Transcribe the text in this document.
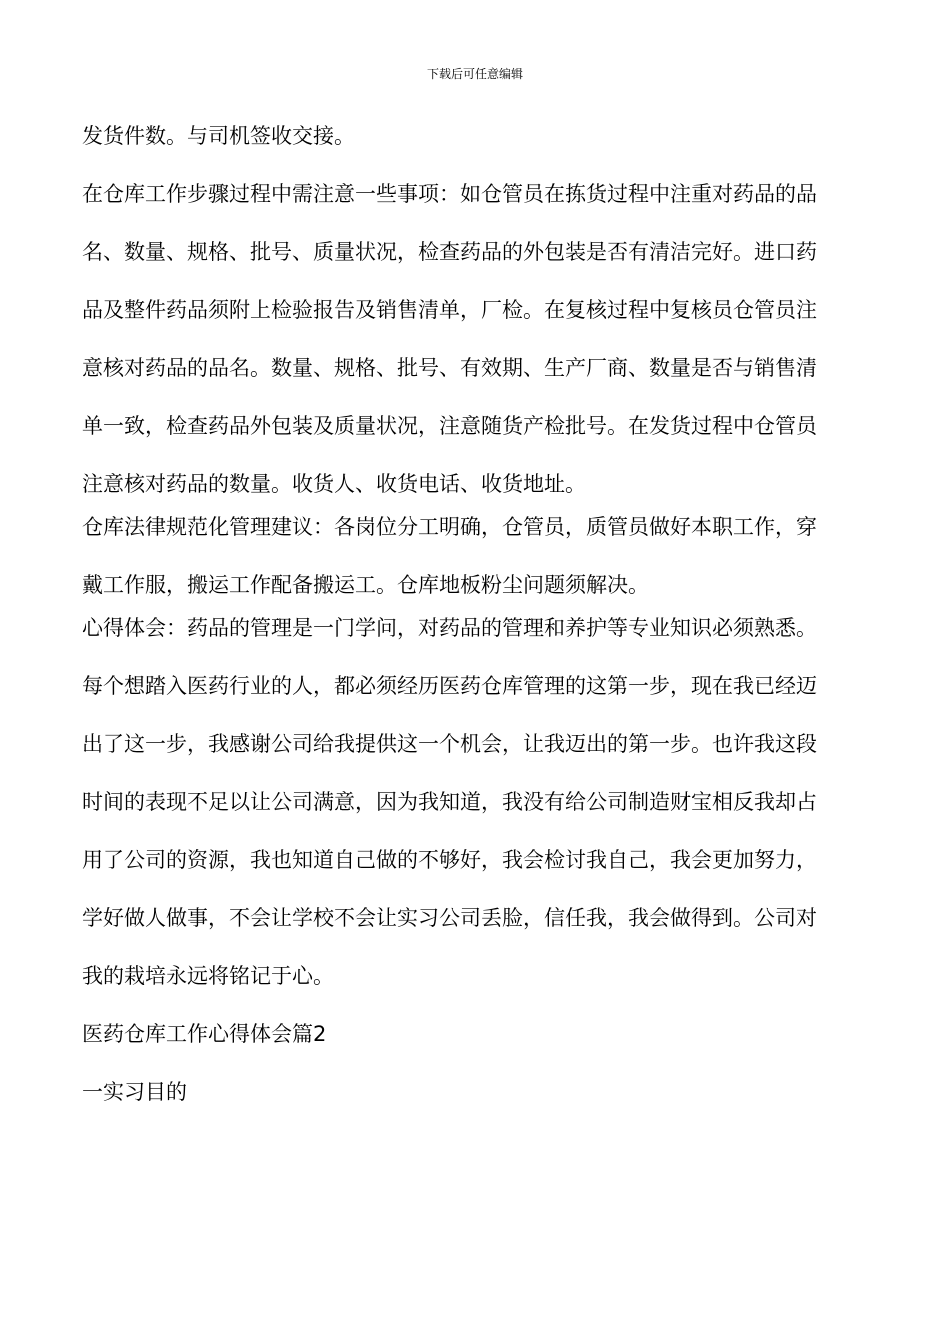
下载后可任意编辑
发货件数。与司机签收交接。
在仓库工作步骤过程中需注意一些事项：如仓管员在拣货过程中注重对药品的品
名、数量、规格、批号、质量状况，检查药品的外包装是否有清洁完好。进口药
品及整件药品须附上检验报告及销售清单，厂检。在复核过程中复核员仓管员注
意核对药品的品名。数量、规格、批号、有效期、生产厂商、数量是否与销售清
单一致，检查药品外包装及质量状况，注意随货产检批号。在发货过程中仓管员
注意核对药品的数量。收货人、收货电话、收货地址。
仓库法律规范化管理建议：各岗位分工明确，仓管员，质管员做好本职工作，穿
戴工作服，搬运工作配备搬运工。仓库地板粉尘问题须解决。
心得体会：药品的管理是一门学问，对药品的管理和养护等专业知识必须熟悉。
每个想踏入医药行业的人，都必须经历医药仓库管理的这第一步，现在我已经迈
出了这一步，我感谢公司给我提供这一个机会，让我迈出的第一步。也许我这段
时间的表现不足以让公司满意，因为我知道，我没有给公司制造财宝相反我却占
用了公司的资源，我也知道自己做的不够好，我会检讨我自己，我会更加努力，
学好做人做事，不会让学校不会让实习公司丢脸，信任我，我会做得到。公司对
我的栽培永远将铭记于心。
医药仓库工作心得体会篇2
一实习目的
